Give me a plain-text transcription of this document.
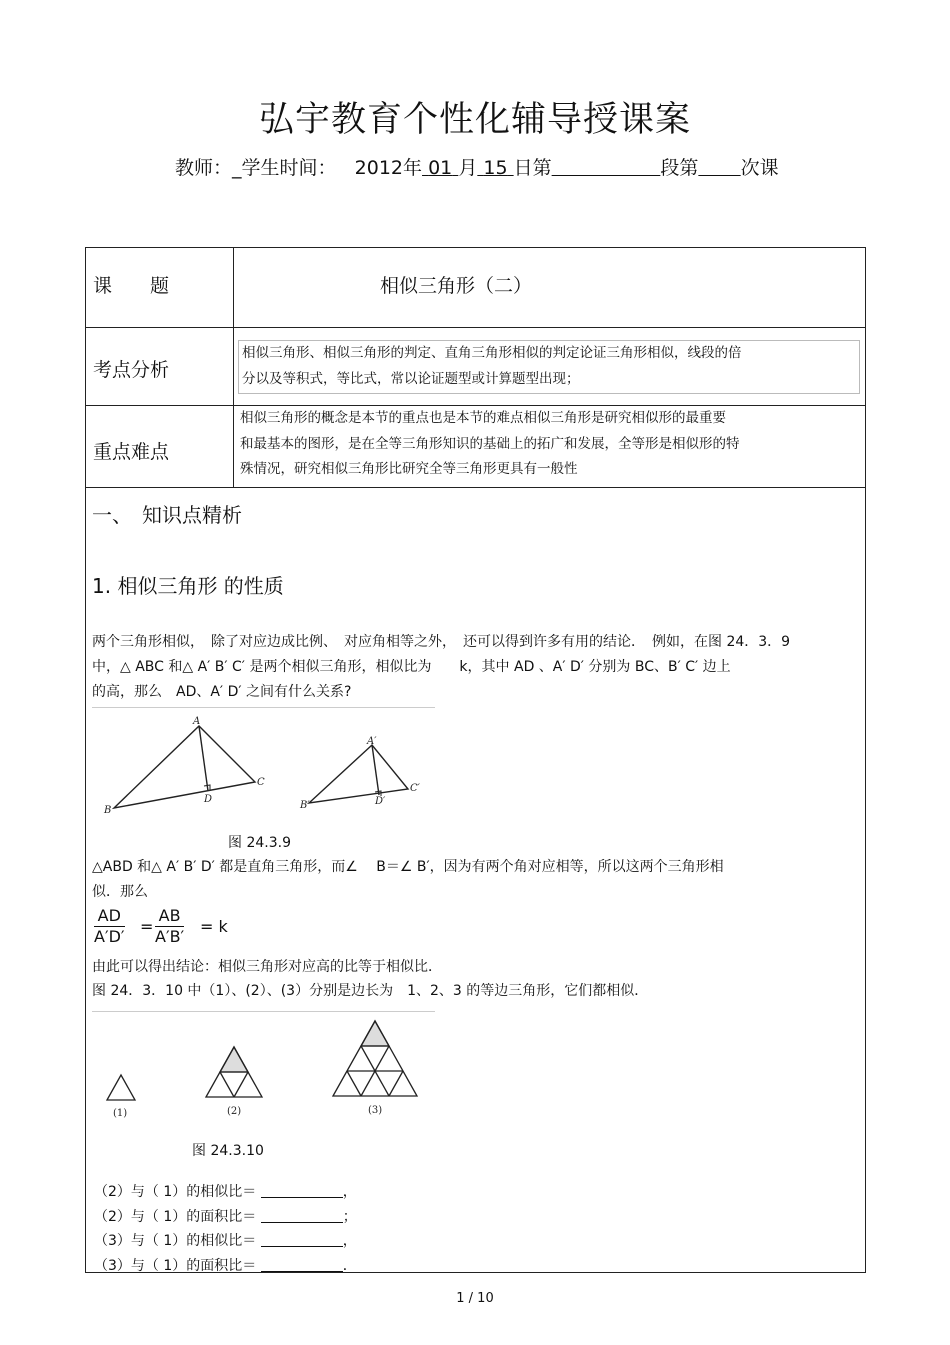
弘宇教育个性化辅导授课案
教师：_学生时间： 2012年 01 月 15 日第	段第 次课
课　　题	相似三角形（二）
考点分析
相似三角形、相似三角形的判定、直角三角形相似的判定论证三角形相似，线段的倍
分以及等积式，等比式，常以论证题型或计算题型出现；
重点难点
相似三角形的概念是本节的重点也是本节的难点相似三角形是研究相似形的最重要
和最基本的图形，是在全等三角形知识的基础上的拓广和发展，全等形是相似形的特
殊情况，研究相似三角形比研究全等三角形更具有一般性
一、　知识点精析
1. 相似三角形 的性质
两个三角形相似，　除了对应边成比例、　对应角相等之外，　还可以得到许多有用的结论．　例如，在图 24．3．9
中，△ ABC 和△ A′ B′ C′ 是两个相似三角形，相似比为　　k，其中 AD 、A′ D′ 分别为 BC、B′ C′ 边上
的高，那么　AD、A′ D′ 之间有什么关系?
A
B
C
D
A′
B′
C′
D′
图 24.3.9
△ABD 和△ A′ B′ D′ 都是直角三角形，而∠　 B＝∠ B′，因为有两个角对应相等，所以这两个三角形相
似．那么
$\frac{AD}{A'D'} = \frac{AB}{A'B'} = k$
由此可以得出结论：相似三角形对应高的比等于相似比．
图 24．3．10 中（1）、(2）、(3）分别是边长为　1、2、3 的等边三角形，它们都相似．
(1)	(2)	(3)
图 24.3.10
（2）与（ 1）的相似比＝	，
（2）与（ 1）的面积比＝	；
（3）与（ 1）的相似比＝	，
（3）与（ 1）的面积比＝	．
1 / 10
